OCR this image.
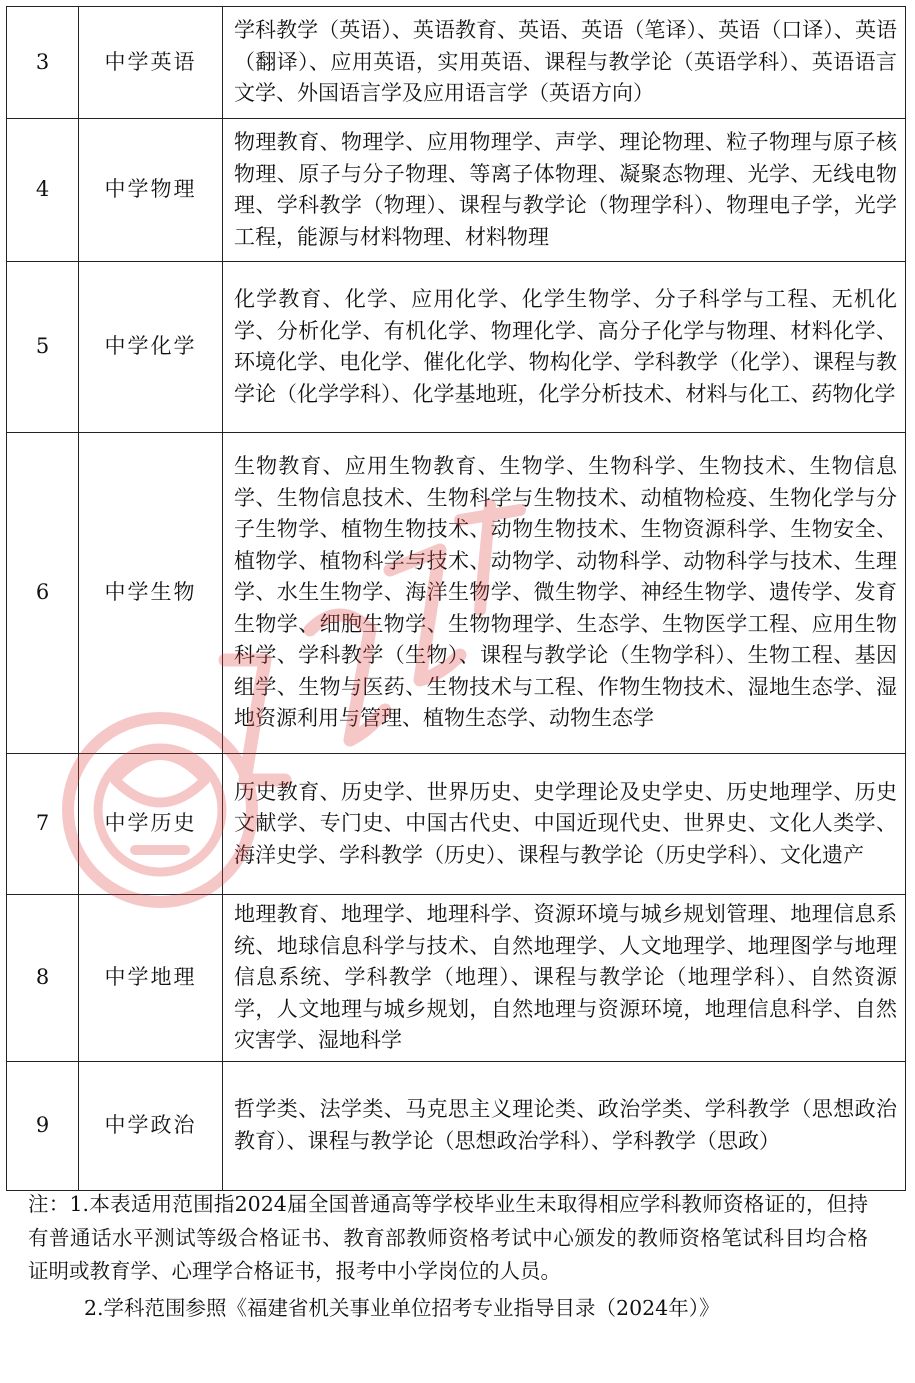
3	中学英语	学科教学（英语）、英语教育、英语、英语（笔译）、英语（口译）、英语（翻译）、应用英语，实用英语、课程与教学论（英语学科）、英语语言文学、外国语言学及应用语言学（英语方向）
4	中学物理	物理教育、物理学、应用物理学、声学、理论物理、粒子物理与原子核物理、原子与分子物理、等离子体物理、凝聚态物理、光学、无线电物理、学科教学（物理）、课程与教学论（物理学科）、物理电子学，光学工程，能源与材料物理、材料物理
5	中学化学	化学教育、化学、应用化学、化学生物学、分子科学与工程、无机化学、分析化学、有机化学、物理化学、高分子化学与物理、材料化学、环境化学、电化学、催化化学、物构化学、学科教学（化学）、课程与教学论（化学学科）、化学基地班，化学分析技术、材料与化工、药物化学
6	中学生物	生物教育、应用生物教育、生物学、生物科学、生物技术、生物信息学、生物信息技术、生物科学与生物技术、动植物检疫、生物化学与分子生物学、植物生物技术、动物生物技术、生物资源科学、生物安全、植物学、植物科学与技术、动物学、动物科学、动物科学与技术、生理学、水生生物学、海洋生物学、微生物学、神经生物学、遗传学、发育生物学、细胞生物学、生物物理学、生态学、生物医学工程、应用生物科学、学科教学（生物）、课程与教学论（生物学科）、生物工程、基因组学、生物与医药、生物技术与工程、作物生物技术、湿地生态学、湿地资源利用与管理、植物生态学、动物生态学
7	中学历史	历史教育、历史学、世界历史、史学理论及史学史、历史地理学、历史文献学、专门史、中国古代史、中国近现代史、世界史、文化人类学、海洋史学、学科教学（历史）、课程与教学论（历史学科）、文化遗产
8	中学地理	地理教育、地理学、地理科学、资源环境与城乡规划管理、地理信息系统、地球信息科学与技术、自然地理学、人文地理学、地理图学与地理信息系统、学科教学（地理）、课程与教学论（地理学科）、自然资源学，人文地理与城乡规划，自然地理与资源环境，地理信息科学、自然灾害学、湿地科学
9	中学政治	哲学类、法学类、马克思主义理论类、政治学类、学科教学（思想政治教育）、课程与教学论（思想政治学科）、学科教学（思政）

注：1.本表适用范围指2024届全国普通高等学校毕业生未取得相应学科教师资格证的，但持有普通话水平测试等级合格证书、教育部教师资格考试中心颁发的教师资格笔试科目均合格证明或教育学、心理学合格证书，报考中小学岗位的人员。

2.学科范围参照《福建省机关事业单位招考专业指导目录（2024年）》
